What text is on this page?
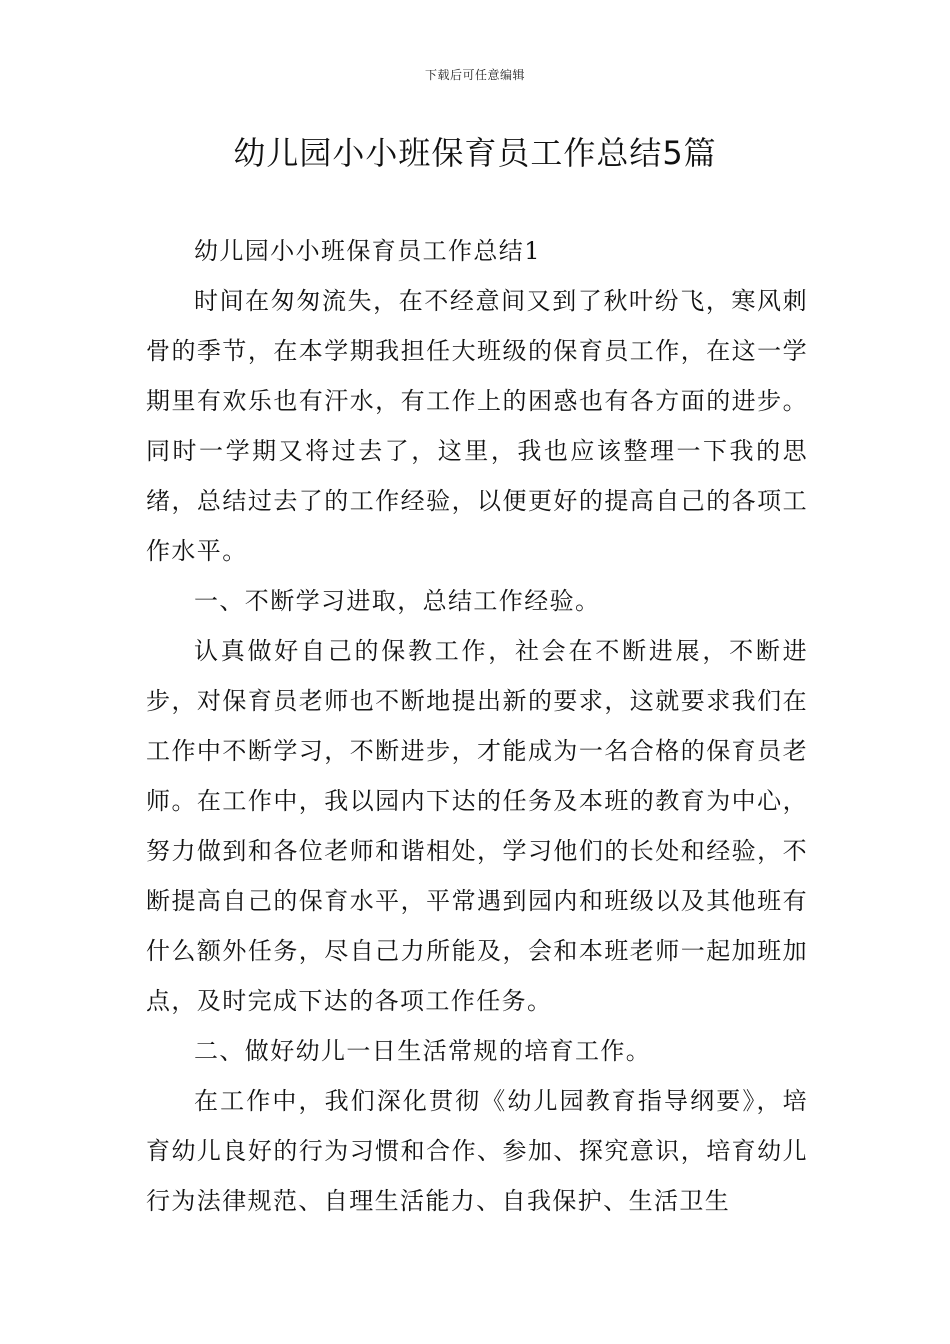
下载后可任意编辑
幼儿园小小班保育员工作总结5篇

幼儿园小小班保育员工作总结1

时间在匆匆流失，在不经意间又到了秋叶纷飞，寒风刺骨的季节，在本学期我担任大班级的保育员工作，在这一学期里有欢乐也有汗水，有工作上的困惑也有各方面的进步。同时一学期又将过去了，这里，我也应该整理一下我的思绪，总结过去了的工作经验，以便更好的提高自己的各项工作水平。

一、不断学习进取，总结工作经验。

认真做好自己的保教工作，社会在不断进展，不断进步，对保育员老师也不断地提出新的要求，这就要求我们在工作中不断学习，不断进步，才能成为一名合格的保育员老师。在工作中，我以园内下达的任务及本班的教育为中心，努力做到和各位老师和谐相处，学习他们的长处和经验，不断提高自己的保育水平，平常遇到园内和班级以及其他班有什么额外任务，尽自己力所能及，会和本班老师一起加班加点，及时完成下达的各项工作任务。

二、做好幼儿一日生活常规的培育工作。

在工作中，我们深化贯彻《幼儿园教育指导纲要》，培育幼儿良好的行为习惯和合作、参加、探究意识，培育幼儿行为法律规范、自理生活能力、自我保护、生活卫生
